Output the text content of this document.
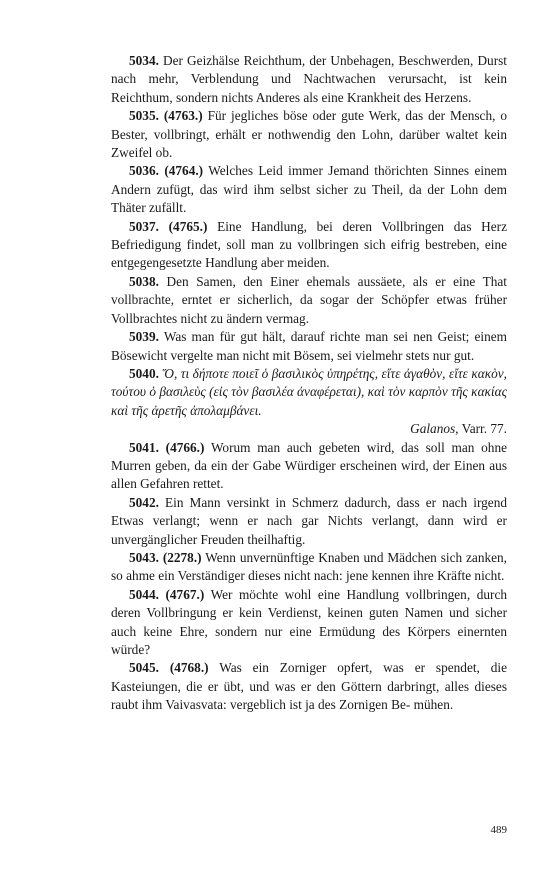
5034. Der Geizhälse Reichthum, der Unbehagen, Beschwerden, Durst nach mehr, Verblendung und Nachtwachen verursacht, ist kein Reichthum, sondern nichts Anderes als eine Krankheit des Herzens.

5035. (4763.) Für jegliches böse oder gute Werk, das der Mensch, o Bester, vollbringt, erhält er nothwendig den Lohn, darüber waltet kein Zweifel ob.

5036. (4764.) Welches Leid immer Jemand thörichten Sinnes einem Andern zufügt, das wird ihm selbst sicher zu Theil, da der Lohn dem Thäter zufällt.

5037. (4765.) Eine Handlung, bei deren Vollbringen das Herz Befriedigung findet, soll man zu vollbringen sich eifrig bestreben, eine entgegengesetzte Handlung aber meiden.

5038. Den Samen, den Einer ehemals aussäete, als er eine That vollbrachte, erntet er sicherlich, da sogar der Schöpfer etwas früher Vollbrachtes nicht zu ändern vermag.

5039. Was man für gut hält, darauf richte man sei nen Geist; einem Bösewicht vergelte man nicht mit Bösem, sei vielmehr stets nur gut.

5040. Ὅ, τι δήποτε ποιεῖ ὁ βασιλικὸς ὑπηρέτης, εἴτε ἀγαθὸν, εἴτε κακὸν, τούτου ὁ βασιλεὺς (εἰς τὸν βασιλέα ἀναφέρεται), καὶ τὸν καρπὸν τῆς κακίας καὶ τῆς ἀρετῆς ἀπολαμβάνει.

Galanos, Varr. 77.

5041. (4766.) Worum man auch gebeten wird, das soll man ohne Murren geben, da ein der Gabe Würdiger erscheinen wird, der Einen aus allen Gefahren rettet.

5042. Ein Mann versinkt in Schmerz dadurch, dass er nach irgend Etwas verlangt; wenn er nach gar Nichts verlangt, dann wird er unvergänglicher Freuden theilhaftig.

5043. (2278.) Wenn unvernünftige Knaben und Mädchen sich zanken, so ahme ein Verständiger dieses nicht nach: jene kennen ihre Kräfte nicht.

5044. (4767.) Wer möchte wohl eine Handlung vollbringen, durch deren Vollbringung er kein Verdienst, keinen guten Namen und sicher auch keine Ehre, sondern nur eine Ermüdung des Körpers einernten würde?

5045. (4768.) Was ein Zorniger opfert, was er spendet, die Kasteiungen, die er übt, und was er den Göttern darbringt, alles dieses raubt ihm Vaivasvata: vergeblich ist ja des Zornigen Be- mühen.

489
